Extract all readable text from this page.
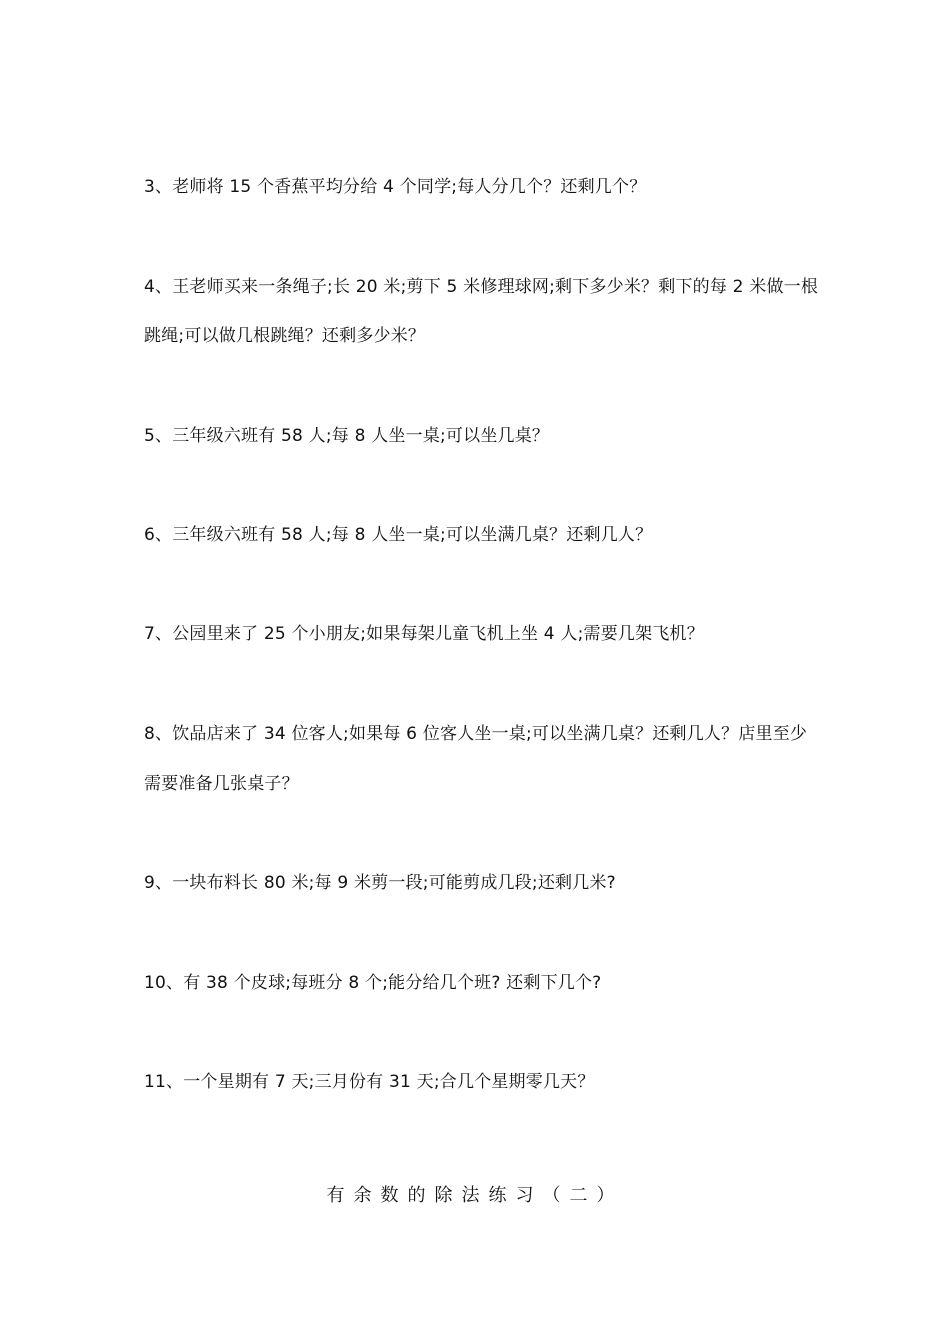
3、老师将 15 个香蕉平均分给 4 个同学;每人分几个？还剩几个？
4、王老师买来一条绳子;长 20 米;剪下 5 米修理球网;剩下多少米？剩下的每 2 米做一根
跳绳;可以做几根跳绳？还剩多少米？
5、三年级六班有 58 人;每 8 人坐一桌;可以坐几桌？
6、三年级六班有 58 人;每 8 人坐一桌;可以坐满几桌？还剩几人？
7、公园里来了 25 个小朋友;如果每架儿童飞机上坐 4 人;需要几架飞机？
8、饮品店来了 34 位客人;如果每 6 位客人坐一桌;可以坐满几桌？还剩几人？店里至少
需要准备几张桌子？
9、一块布料长 80 米;每 9 米剪一段;可能剪成几段;还剩几米?
10、有 38 个皮球;每班分 8 个;能分给几个班? 还剩下几个?
11、一个星期有 7 天;三月份有 31 天;合几个星期零几天？
有余数的除法练习（二）
